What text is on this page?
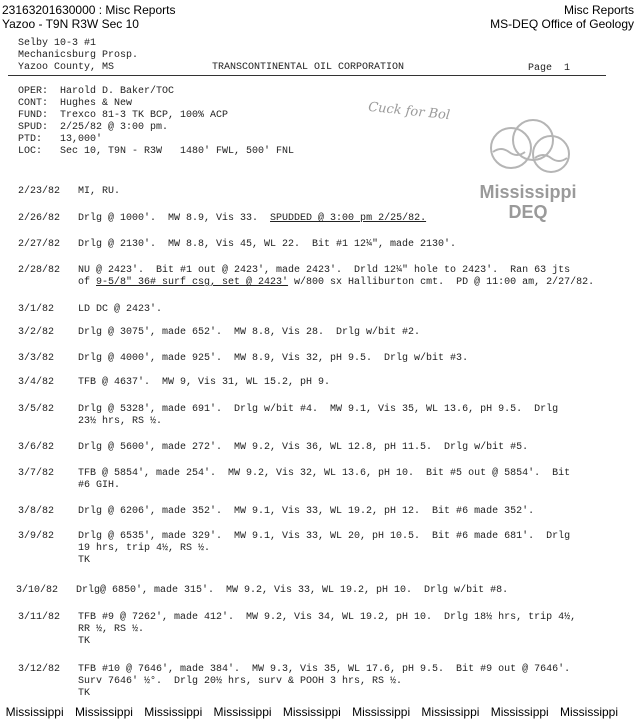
23163201630000 : Misc Reports
Yazoo - T9N R3W Sec 10
Misc Reports
MS-DEQ Office of Geology
Selby 10-3 #1
Mechanicsburg Prosp.
Yazoo County, MS	TRANSCONTINENTAL OIL CORPORATION	Page  1
OPER:  Harold D. Baker/TOC
CONT:  Hughes & New
FUND:  Trexco 81-3 TK BCP, 100% ACP
SPUD:  2/25/82 @ 3:00 pm.
PTD:   13,000'
LOC:   Sec 10, T9N - R3W   1480' FWL, 500' FNL
Cuck for Bol
Mississippi
DEQ
2/23/82 MI, RU.
2/26/82 Drlg @ 1000'.  MW 8.9, Vis 33. SPUDDED @ 3:00 pm 2/25/82.
2/27/82 Drlg @ 2130'.  MW 8.8, Vis 45, WL 22.  Bit #1 12¼", made 2130'.
2/28/82 NU @ 2423'.  Bit #1 out @ 2423', made 2423'.  Drld 12¼" hole to 2423'.  Ran 63 jts
of 9-5/8" 36# surf csg, set @ 2423' w/800 sx Halliburton cmt.  PD @ 11:00 am, 2/27/82.
3/1/82 LD DC @ 2423'.
3/2/82 Drlg @ 3075', made 652'.  MW 8.8, Vis 28.  Drlg w/bit #2.
3/3/82 Drlg @ 4000', made 925'.  MW 8.9, Vis 32, pH 9.5.  Drlg w/bit #3.
3/4/82 TFB @ 4637'.  MW 9, Vis 31, WL 15.2, pH 9.
3/5/82 Drlg @ 5328', made 691'.  Drlg w/bit #4.  MW 9.1, Vis 35, WL 13.6, pH 9.5.  Drlg
23½ hrs, RS ½.
3/6/82 Drlg @ 5600', made 272'.  MW 9.2, Vis 36, WL 12.8, pH 11.5.  Drlg w/bit #5.
3/7/82 TFB @ 5854', made 254'.  MW 9.2, Vis 32, WL 13.6, pH 10.  Bit #5 out @ 5854'.  Bit
#6 GIH.
3/8/82 Drlg @ 6206', made 352'.  MW 9.1, Vis 33, WL 19.2, pH 12.  Bit #6 made 352'.
3/9/82 Drlg @ 6535', made 329'.  MW 9.1, Vis 33, WL 20, pH 10.5.  Bit #6 made 681'.  Drlg
19 hrs, trip 4½, RS ½.
TK
3/10/82 Drlg@ 6850', made 315'.  MW 9.2, Vis 33, WL 19.2, pH 10.  Drlg w/bit #8.
3/11/82 TFB #9 @ 7262', made 412'.  MW 9.2, Vis 34, WL 19.2, pH 10.  Drlg 18½ hrs, trip 4½,
RR ½, RS ½.
TK
3/12/82 TFB #10 @ 7646', made 384'.  MW 9.3, Vis 35, WL 17.6, pH 9.5.  Bit #9 out @ 7646'.
Surv 7646' ½°.  Drlg 20½ hrs, surv & POOH 3 hrs, RS ½.
TK
Mississippi Mississippi Mississippi Mississippi Mississippi Mississippi Mississippi Mississippi Mississippi
